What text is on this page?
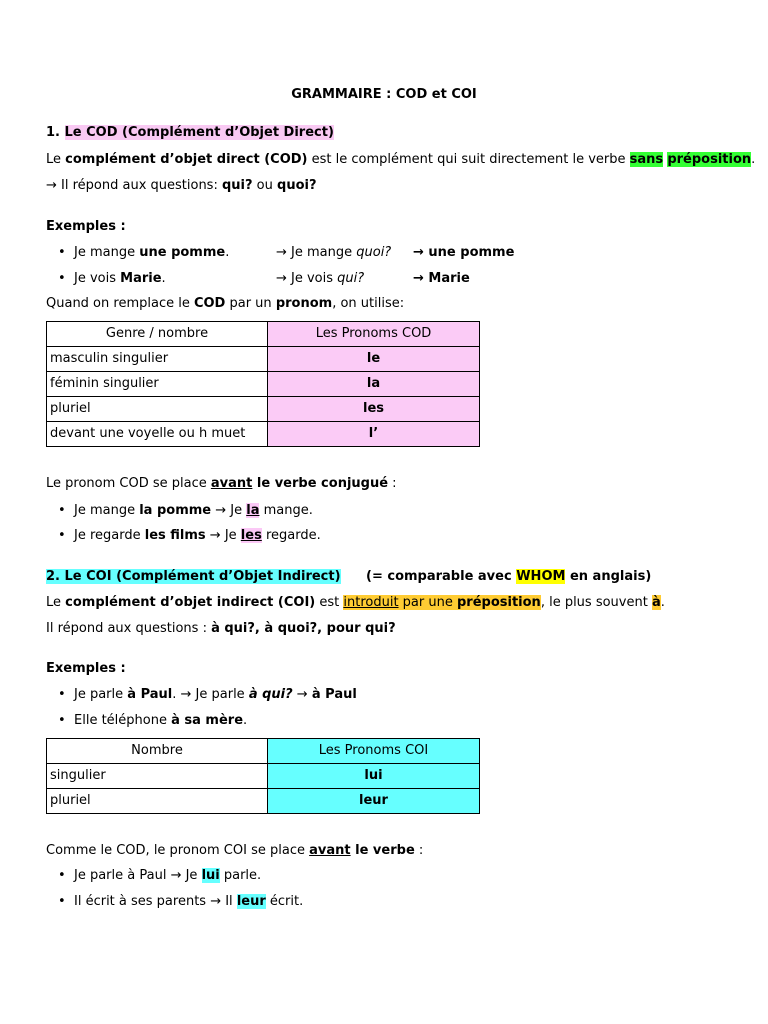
GRAMMAIRE : COD et COI
1. Le COD (Complément d’Objet Direct)
Le complément d’objet direct (COD) est le complément qui suit directement le verbe sans préposition.
→ Il répond aux questions: qui? ou quoi?
Exemples :
• Je mange une pomme.	→ Je mange quoi? → une pomme
• Je vois Marie.	→ Je vois qui?	→ Marie
Quand on remplace le COD par un pronom, on utilise:
Genre / nombre	Les Pronoms COD
masculin singulier	le
féminin singulier	la
pluriel	les
devant une voyelle ou h muet	l’
Le pronom COD se place avant le verbe conjugué :
• Je mange la pomme → Je la mange.
• Je regarde les films → Je les regarde.
2. Le COI (Complément d’Objet Indirect) (= comparable avec WHOM en anglais)
Le complément d’objet indirect (COI) est introduit par une préposition, le plus souvent à.
Il répond aux questions : à qui?, à quoi?, pour qui?
Exemples :
• Je parle à Paul. → Je parle à qui? → à Paul
• Elle téléphone à sa mère.
Nombre	Les Pronoms COI
singulier	lui
pluriel	leur
Comme le COD, le pronom COI se place avant le verbe :
• Je parle à Paul → Je lui parle.
• Il écrit à ses parents → Il leur écrit.
